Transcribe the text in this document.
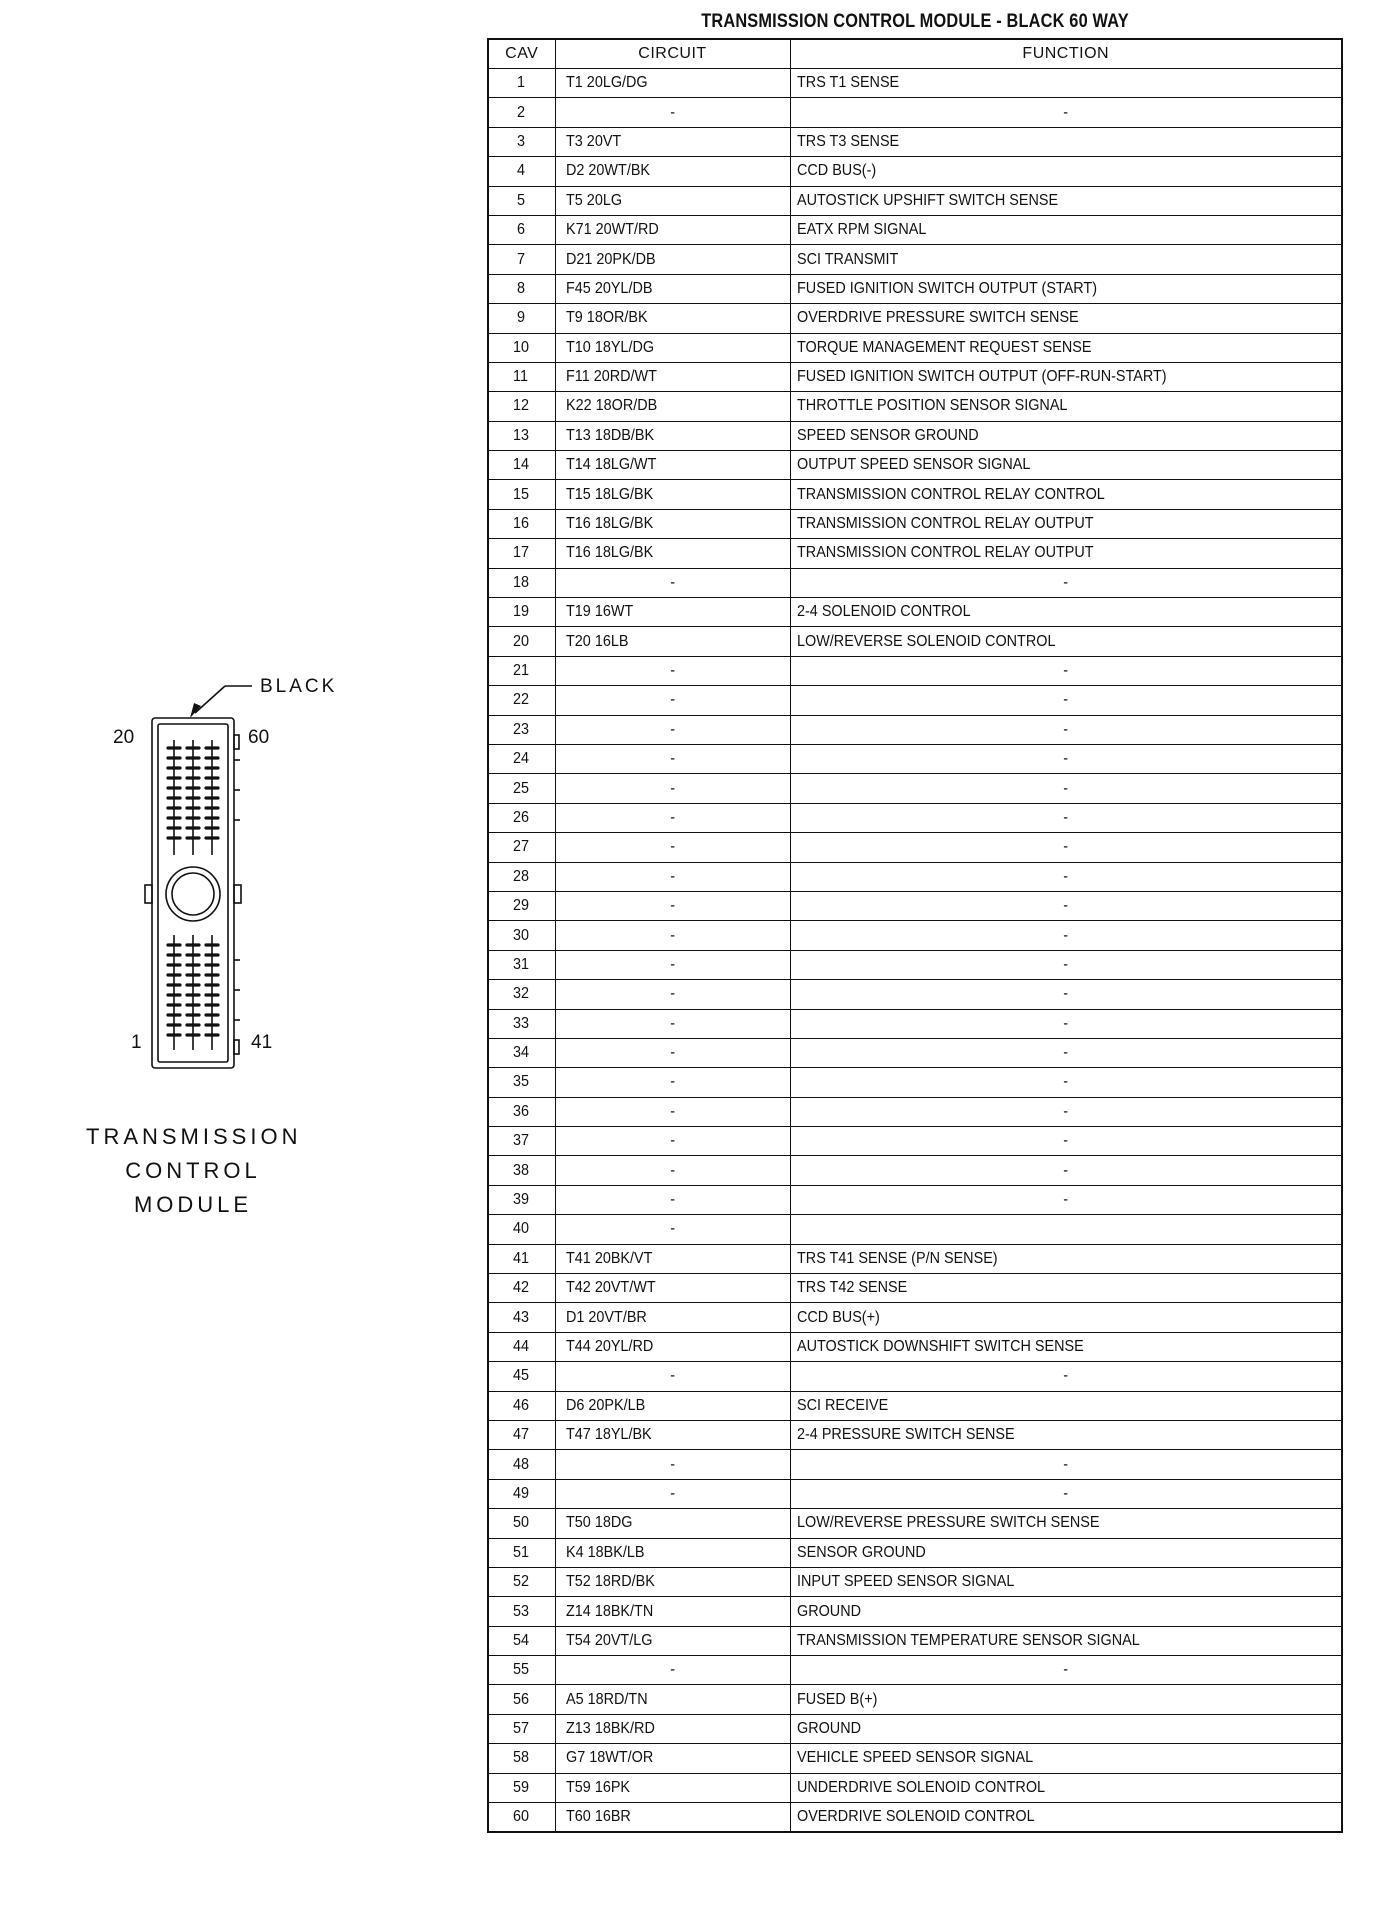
BLACK
20	60
1	41
TRANSMISSION
CONTROL
MODULE
TRANSMISSION CONTROL MODULE - BLACK 60 WAY
CAV	CIRCUIT	FUNCTION
1	T1 20LG/DG	TRS T1 SENSE
2	-	-
3	T3 20VT	TRS T3 SENSE
4	D2 20WT/BK	CCD BUS(-)
5	T5 20LG	AUTOSTICK UPSHIFT SWITCH SENSE
6	K71 20WT/RD	EATX RPM SIGNAL
7	D21 20PK/DB	SCI TRANSMIT
8	F45 20YL/DB	FUSED IGNITION SWITCH OUTPUT (START)
9	T9 18OR/BK	OVERDRIVE PRESSURE SWITCH SENSE
10	T10 18YL/DG	TORQUE MANAGEMENT REQUEST SENSE
11	F11 20RD/WT	FUSED IGNITION SWITCH OUTPUT (OFF-RUN-START)
12	K22 18OR/DB	THROTTLE POSITION SENSOR SIGNAL
13	T13 18DB/BK	SPEED SENSOR GROUND
14	T14 18LG/WT	OUTPUT SPEED SENSOR SIGNAL
15	T15 18LG/BK	TRANSMISSION CONTROL RELAY CONTROL
16	T16 18LG/BK	TRANSMISSION CONTROL RELAY OUTPUT
17	T16 18LG/BK	TRANSMISSION CONTROL RELAY OUTPUT
18	-	-
19	T19 16WT	2-4 SOLENOID CONTROL
20	T20 16LB	LOW/REVERSE SOLENOID CONTROL
21	-	-
22	-	-
23	-	-
24	-	-
25	-	-
26	-	-
27	-	-
28	-	-
29	-	-
30	-	-
31	-	-
32	-	-
33	-	-
34	-	-
35	-	-
36	-	-
37	-	-
38	-	-
39	-	-
40	-	
41	T41 20BK/VT	TRS T41 SENSE (P/N SENSE)
42	T42 20VT/WT	TRS T42 SENSE
43	D1 20VT/BR	CCD BUS(+)
44	T44 20YL/RD	AUTOSTICK DOWNSHIFT SWITCH SENSE
45	-	-
46	D6 20PK/LB	SCI RECEIVE
47	T47 18YL/BK	2-4 PRESSURE SWITCH SENSE
48	-	-
49	-	-
50	T50 18DG	LOW/REVERSE PRESSURE SWITCH SENSE
51	K4 18BK/LB	SENSOR GROUND
52	T52 18RD/BK	INPUT SPEED SENSOR SIGNAL
53	Z14 18BK/TN	GROUND
54	T54 20VT/LG	TRANSMISSION TEMPERATURE SENSOR SIGNAL
55	-	-
56	A5 18RD/TN	FUSED B(+)
57	Z13 18BK/RD	GROUND
58	G7 18WT/OR	VEHICLE SPEED SENSOR SIGNAL
59	T59 16PK	UNDERDRIVE SOLENOID CONTROL
60	T60 16BR	OVERDRIVE SOLENOID CONTROL
